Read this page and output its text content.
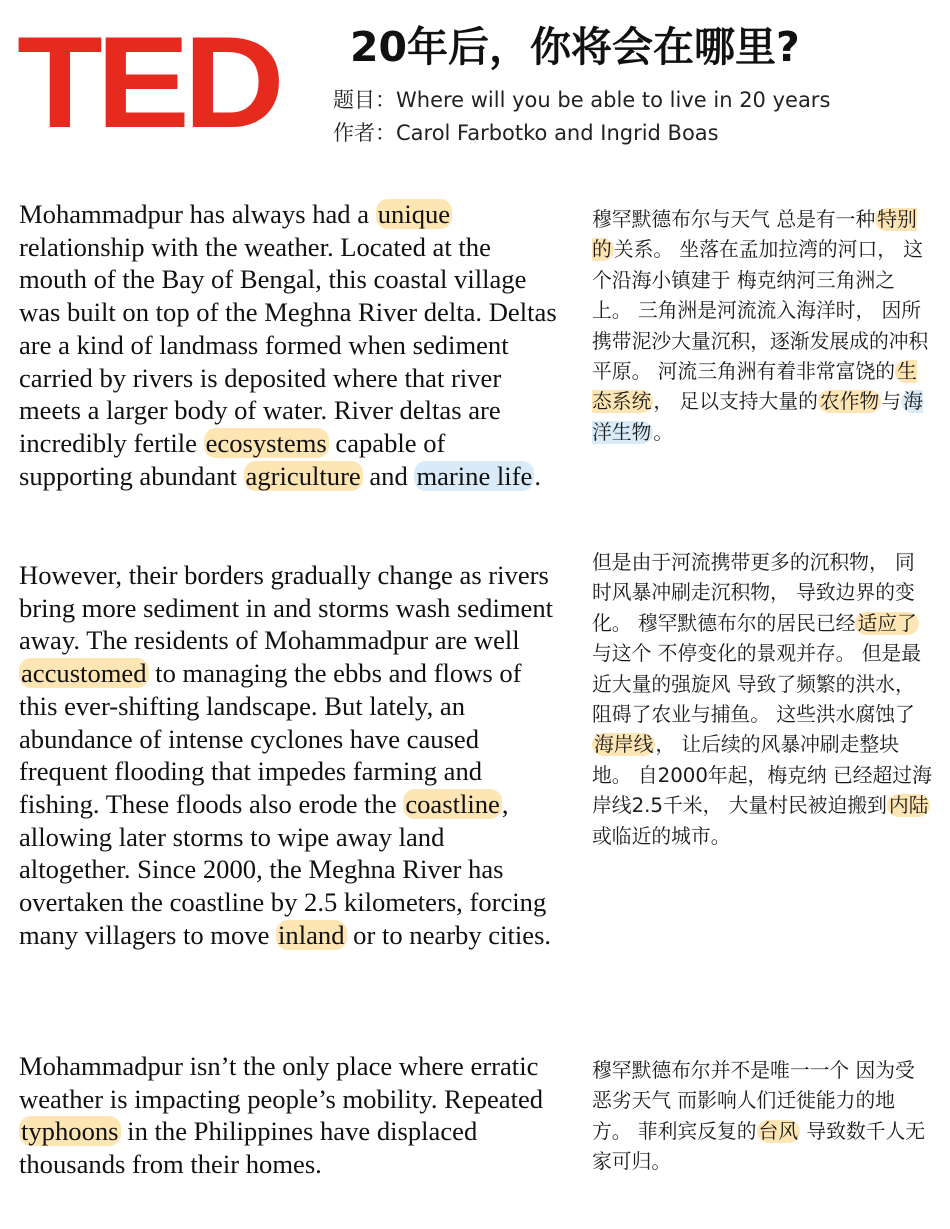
TED	20年后，你将会在哪里?
题目：Where will you be able to live in 20 years
作者：Carol Farbotko and Ingrid Boas
Mohammadpur has always had a unique relationship with the weather. Located at the mouth of the Bay of Bengal, this coastal village was built on top of the Meghna River delta. Deltas are a kind of landmass formed when sediment carried by rivers is deposited where that river meets a larger body of water. River deltas are incredibly fertile ecosystems capable of supporting abundant agriculture and marine life.
穆罕默德布尔与天气 总是有一种 特别的 关系。 坐落在孟加拉湾的河口， 这个沿海小镇建于 梅克纳河三角洲之上。 三角洲是河流流入海洋时， 因所携带泥沙大量沉积，逐渐发展成的冲积平原。 河流三角洲有着非常富饶的 生态系统 ， 足以支持大量的 农作物 与 海洋生物 。
However, their borders gradually change as rivers bring more sediment in and storms wash sediment away. The residents of Mohammadpur are well accustomed to managing the ebbs and flows of this ever-shifting landscape. But lately, an abundance of intense cyclones have caused frequent flooding that impedes farming and fishing. These floods also erode the coastline, allowing later storms to wipe away land altogether. Since 2000, the Meghna River has overtaken the coastline by 2.5 kilometers, forcing many villagers to move inland or to nearby cities.
但是由于河流携带更多的沉积物， 同时风暴冲刷走沉积物， 导致边界的变化。 穆罕默德布尔的居民已经 适应了与这个 不停变化的景观并存。 但是最近大量的强旋风 导致了频繁的洪水， 阻碍了农业与捕鱼。 这些洪水腐蚀了海岸线 ， 让后续的风暴冲刷走整块地。 自2000年起，梅克纳 已经超过海岸线2.5千米， 大量村民被迫搬到 内陆或临近的城市。
Mohammadpur isn’t the only place where erratic weather is impacting people’s mobility. Repeated typhoons in the Philippines have displaced thousands from their homes.
穆罕默德布尔并不是唯一一个 因为受恶劣天气 而影响人们迁徙能力的地方。 菲利宾反复的 台风 导致数千人无家可归。
